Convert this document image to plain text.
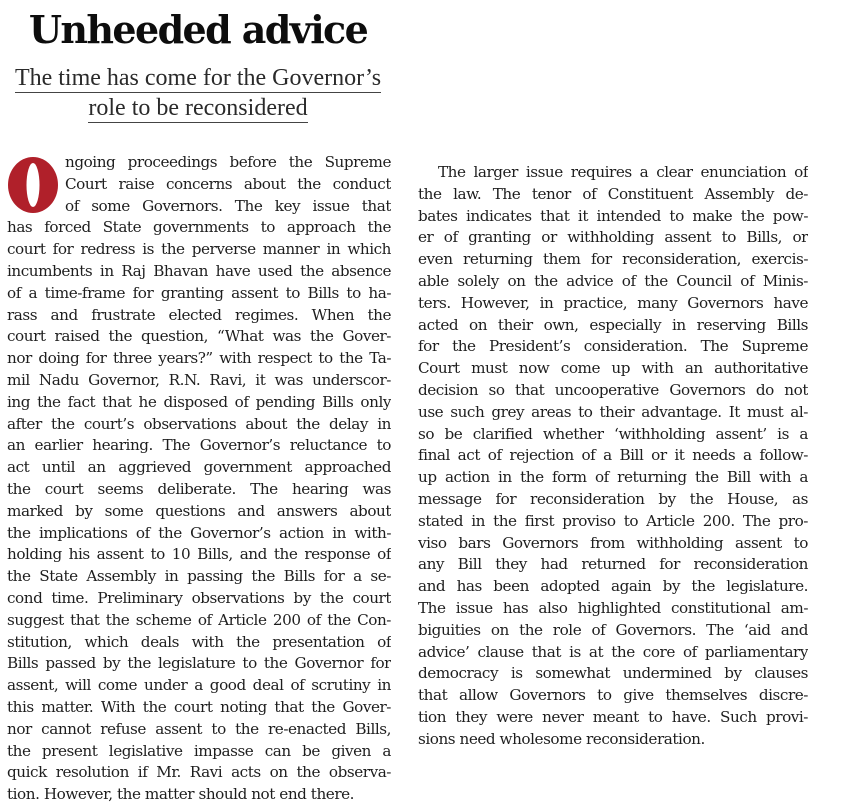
Unheeded advice
The time has come for the Governor’s
role to be reconsidered
ngoing proceedings before the Supreme
Court raise concerns about the conduct
of some Governors. The key issue that
has forced State governments to approach the
court for redress is the perverse manner in which
incumbents in Raj Bhavan have used the absence
of a time-frame for granting assent to Bills to ha-
rass and frustrate elected regimes. When the
court raised the question, “What was the Gover-
nor doing for three years?” with respect to the Ta-
mil Nadu Governor, R.N. Ravi, it was underscor-
ing the fact that he disposed of pending Bills only
after the court’s observations about the delay in
an earlier hearing. The Governor’s reluctance to
act until an aggrieved government approached
the court seems deliberate. The hearing was
marked by some questions and answers about
the implications of the Governor’s action in with-
holding his assent to 10 Bills, and the response of
the State Assembly in passing the Bills for a se-
cond time. Preliminary observations by the court
suggest that the scheme of Article 200 of the Con-
stitution, which deals with the presentation of
Bills passed by the legislature to the Governor for
assent, will come under a good deal of scrutiny in
this matter. With the court noting that the Gover-
nor cannot refuse assent to the re-enacted Bills,
the present legislative impasse can be given a
quick resolution if Mr. Ravi acts on the observa-
tion. However, the matter should not end there.
The larger issue requires a clear enunciation of
the law. The tenor of Constituent Assembly de-
bates indicates that it intended to make the pow-
er of granting or withholding assent to Bills, or
even returning them for reconsideration, exercis-
able solely on the advice of the Council of Minis-
ters. However, in practice, many Governors have
acted on their own, especially in reserving Bills
for the President’s consideration. The Supreme
Court must now come up with an authoritative
decision so that uncooperative Governors do not
use such grey areas to their advantage. It must al-
so be clarified whether ‘withholding assent’ is a
final act of rejection of a Bill or it needs a follow-
up action in the form of returning the Bill with a
message for reconsideration by the House, as
stated in the first proviso to Article 200. The pro-
viso bars Governors from withholding assent to
any Bill they had returned for reconsideration
and has been adopted again by the legislature.
The issue has also highlighted constitutional am-
biguities on the role of Governors. The ‘aid and
advice’ clause that is at the core of parliamentary
democracy is somewhat undermined by clauses
that allow Governors to give themselves discre-
tion they were never meant to have. Such provi-
sions need wholesome reconsideration.
